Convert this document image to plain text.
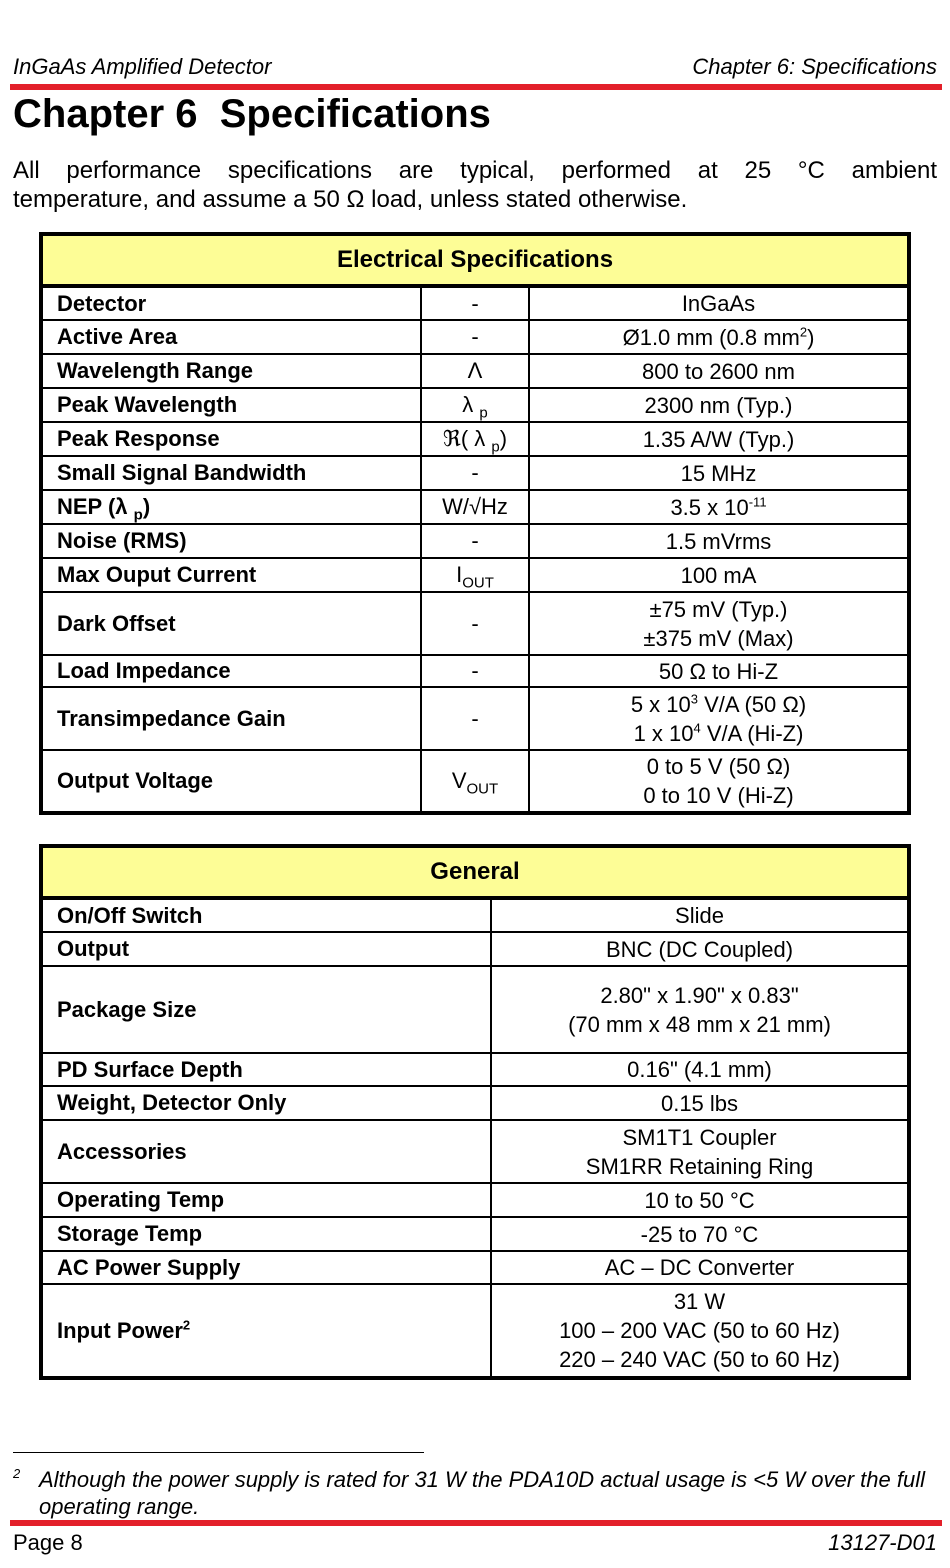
InGaAs Amplified Detector	Chapter 6: Specifications
Chapter 6  Specifications

All performance specifications are typical, performed at 25 °C ambient
temperature, and assume a 50 Ω load, unless stated otherwise.

Electrical Specifications		
Detector	-	InGaAs
Active Area	-	Ø1.0 mm (0.8 $mm^2$)
Wavelength Range	Λ	800 to 2600 nm
Peak Wavelength	λ $_p$	2300 nm (Typ.)
Peak Response	ℜ( λ $_p$)	1.35 A/W (Typ.)
Small Signal Bandwidth	-	15 MHz
NEP (λ $_p$)	W/√Hz	3.5 x $10^{-11}$
Noise (RMS)	-	1.5 mVrms
Max Ouput Current	$I_{OUT}$	100 mA
Dark Offset	-	±75 mV (Typ.)
±375 mV (Max)
Load Impedance	-	50 Ω to Hi-Z
Transimpedance Gain	-	5 x $10^3$ V/A (50 Ω)
1 x $10^4$ V/A (Hi-Z)
Output Voltage	$V_{OUT}$	0 to 5 V (50 Ω)
0 to 10 V (Hi-Z)
General	
On/Off Switch	Slide
Output	BNC (DC Coupled)
Package Size	2.80" x 1.90" x 0.83"
(70 mm x 48 mm x 21 mm)
PD Surface Depth	0.16" (4.1 mm)
Weight, Detector Only	0.15 lbs
Accessories	SM1T1 Coupler
SM1RR Retaining Ring
Operating Temp	10 to 50 °C
Storage Temp	-25 to 70 °C
AC Power Supply	AC – DC Converter
Input Power$^2$	31 W
100 – 200 VAC (50 to 60 Hz)
220 – 240 VAC (50 to 60 Hz)
2 Although the power supply is rated for 31 W the PDA10D actual usage is <5 W over the full operating range.
Page 8	13127-D01
